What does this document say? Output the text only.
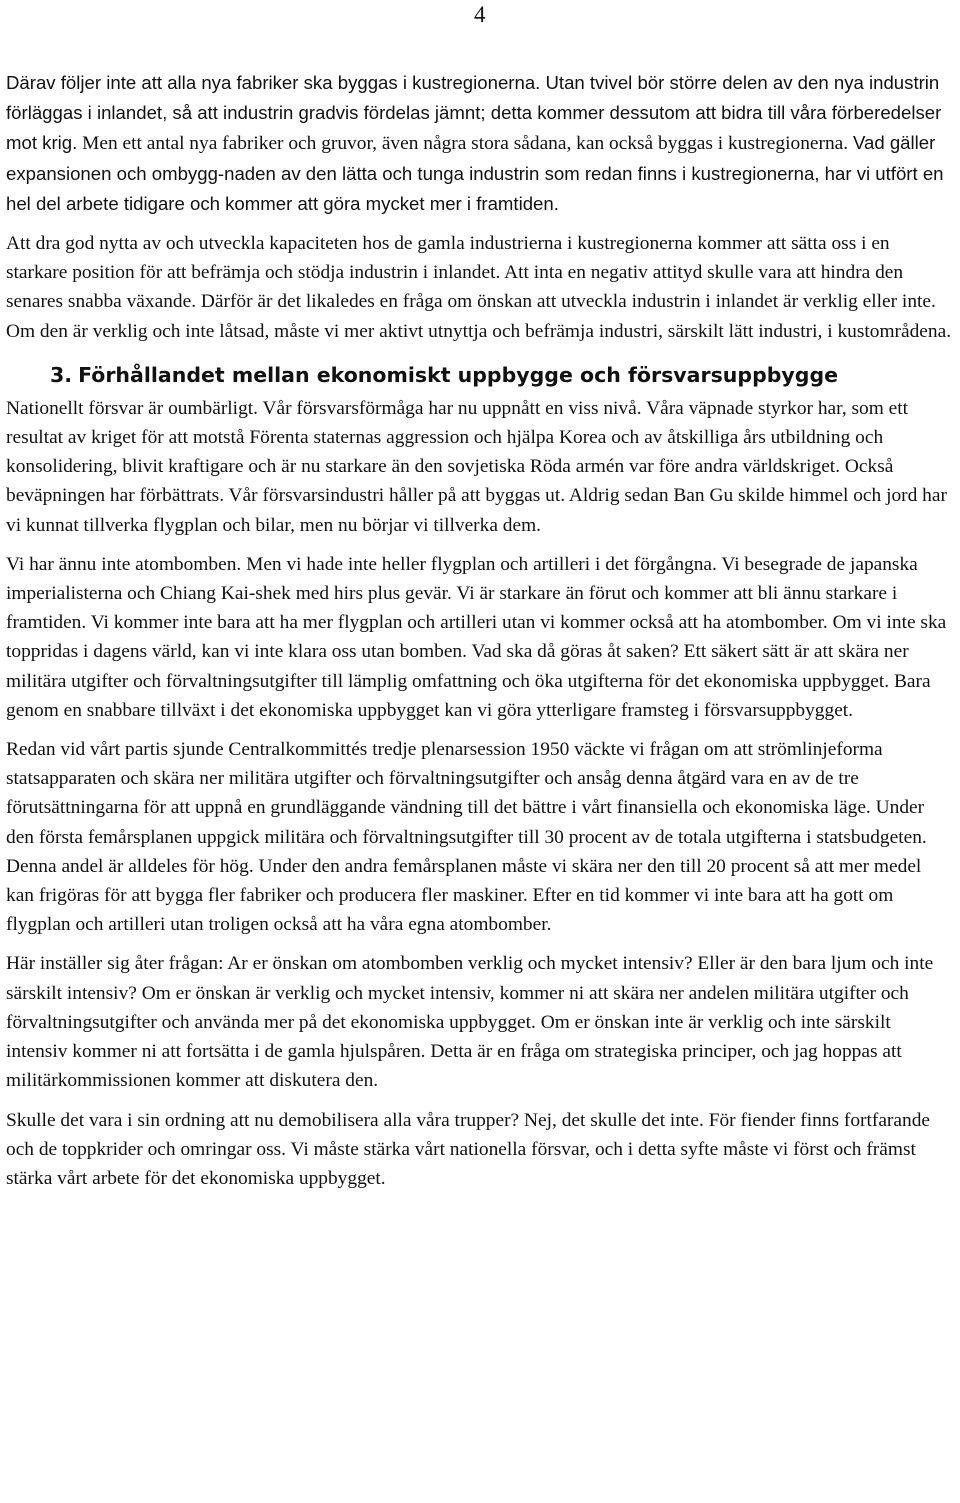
4

Därav följer inte att alla nya fabriker ska byggas i kustregionerna. Utan tvivel bör större delen av den nya industrin förläggas i inlandet, så att industrin gradvis fördelas jämnt; detta kommer dessutom att bidra till våra förberedelser mot krig. Men ett antal nya fabriker och gruvor, även några stora sådana, kan också byggas i kustregionerna. Vad gäller expansionen och ombygg-naden av den lätta och tunga industrin som redan finns i kustregionerna, har vi utfört en hel del arbete tidigare och kommer att göra mycket mer i framtiden.

Att dra god nytta av och utveckla kapaciteten hos de gamla industrierna i kustregionerna kommer att sätta oss i en starkare position för att befrämja och stödja industrin i inlandet. Att inta en negativ attityd skulle vara att hindra den senares snabba växande. Därför är det likaledes en fråga om önskan att utveckla industrin i inlandet är verklig eller inte. Om den är verklig och inte låtsad, måste vi mer aktivt utnyttja och befrämja industri, särskilt lätt industri, i kustområdena.

3. Förhållandet mellan ekonomiskt uppbygge och försvarsuppbygge

Nationellt försvar är oumbärligt. Vår försvarsförmåga har nu uppnått en viss nivå. Våra väpnade styrkor har, som ett resultat av kriget för att motstå Förenta staternas aggression och hjälpa Korea och av åtskilliga års utbildning och konsolidering, blivit kraftigare och är nu starkare än den sovjetiska Röda armén var före andra världskriget. Också beväpningen har förbättrats. Vår försvarsindustri håller på att byggas ut. Aldrig sedan Ban Gu skilde himmel och jord har vi kunnat tillverka flygplan och bilar, men nu börjar vi tillverka dem.

Vi har ännu inte atombomben. Men vi hade inte heller flygplan och artilleri i det förgångna. Vi besegrade de japanska imperialisterna och Chiang Kai-shek med hirs plus gevär. Vi är starkare än förut och kommer att bli ännu starkare i framtiden. Vi kommer inte bara att ha mer flygplan och artilleri utan vi kommer också att ha atombomber. Om vi inte ska toppridas i dagens värld, kan vi inte klara oss utan bomben. Vad ska då göras åt saken? Ett säkert sätt är att skära ner militära utgifter och förvaltningsutgifter till lämplig omfattning och öka utgifterna för det ekonomiska uppbygget. Bara genom en snabbare tillväxt i det ekonomiska uppbygget kan vi göra ytterligare framsteg i försvarsuppbygget.

Redan vid vårt partis sjunde Centralkommittés tredje plenarsession 1950 väckte vi frågan om att strömlinjeforma statsapparaten och skära ner militära utgifter och förvaltningsutgifter och ansåg denna åtgärd vara en av de tre förutsättningarna för att uppnå en grundläggande vändning till det bättre i vårt finansiella och ekonomiska läge. Under den första femårsplanen uppgick militära och förvaltningsutgifter till 30 procent av de totala utgifterna i statsbudgeten. Denna andel är alldeles för hög. Under den andra femårsplanen måste vi skära ner den till 20 procent så att mer medel kan frigöras för att bygga fler fabriker och producera fler maskiner. Efter en tid kommer vi inte bara att ha gott om flygplan och artilleri utan troligen också att ha våra egna atombomber.

Här inställer sig åter frågan: Ar er önskan om atombomben verklig och mycket intensiv? Eller är den bara ljum och inte särskilt intensiv? Om er önskan är verklig och mycket intensiv, kommer ni att skära ner andelen militära utgifter och förvaltningsutgifter och använda mer på det ekonomiska uppbygget. Om er önskan inte är verklig och inte särskilt intensiv kommer ni att fortsätta i de gamla hjulspåren. Detta är en fråga om strategiska principer, och jag hoppas att militärkommissionen kommer att diskutera den.

Skulle det vara i sin ordning att nu demobilisera alla våra trupper? Nej, det skulle det inte. För fiender finns fortfarande och de toppkrider och omringar oss. Vi måste stärka vårt nationella försvar, och i detta syfte måste vi först och främst stärka vårt arbete för det ekonomiska uppbygget.
